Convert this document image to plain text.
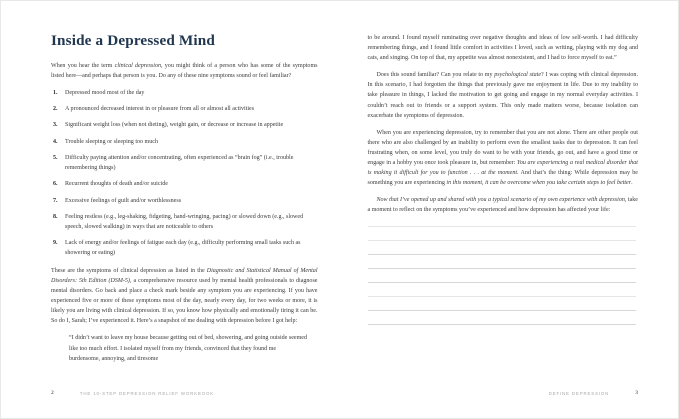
Inside a Depressed Mind

When you hear the term clinical depression, you might think of a person who has some of the symptoms listed here—and perhaps that person is you. Do any of these nine symptoms sound or feel familiar?

Depressed mood most of the day
A pronounced decreased interest in or pleasure from all or almost all activities
Significant weight loss (when not dieting), weight gain, or decrease or increase in appetite
Trouble sleeping or sleeping too much
Difficulty paying attention and/or concentrating, often experienced as “brain fog” (i.e., trouble remembering things)
Recurrent thoughts of death and/or suicide
Excessive feelings of guilt and/or worthlessness
Feeling restless (e.g., leg-shaking, fidgeting, hand-wringing, pacing) or slowed down (e.g., slowed speech, slowed walking) in ways that are noticeable to others
Lack of energy and/or feelings of fatigue each day (e.g., difficulty performing small tasks such as showering or eating)

These are the symptoms of clinical depression as listed in the Diagnostic and Statistical Manual of Mental Disorders: 5th Edition (DSM-5), a comprehensive resource used by mental health professionals to diagnose mental disorders. Go back and place a check mark beside any symptom you are experiencing. If you have experienced five or more of these symptoms most of the day, nearly every day, for two weeks or more, it is likely you are living with clinical depression. If so, you know how physically and emotionally tiring it can be. So do I, Sarah; I’ve experienced it. Here’s a snapshot of me dealing with depression before I got help:

“I didn’t want to leave my house because getting out of bed, showering, and going outside seemed like too much effort. I isolated myself from my friends, convinced that they found me burdensome, annoying, and tiresome

2	THE 10-STEP DEPRESSION RELIEF WORKBOOK

to be around. I found myself ruminating over negative thoughts and ideas of low self-worth. I had difficulty remembering things, and I found little comfort in activities I loved, such as writing, playing with my dog and cats, and singing. On top of that, my appetite was almost nonexistent, and I had to force myself to eat.”

Does this sound familiar? Can you relate to my psychological state? I was coping with clinical depression. In this scenario, I had forgotten the things that previously gave me enjoyment in life. Due to my inability to take pleasure in things, I lacked the motivation to get going and engage in my normal everyday activities. I couldn’t reach out to friends or a support system. This only made matters worse, because isolation can exacerbate the symptoms of depression.

When you are experiencing depression, try to remember that you are not alone. There are other people out there who are also challenged by an inability to perform even the smallest tasks due to depression. It can feel frustrating when, on some level, you truly do want to be with your friends, go out, and have a good time or engage in a hobby you once took pleasure in, but remember: You are experiencing a real medical disorder that is making it difficult for you to function . . . at the moment. And that’s the thing: While depression may be something you are experiencing in this moment, it can be overcome when you take certain steps to feel better.

Now that I’ve opened up and shared with you a typical scenario of my own experience with depression, take a moment to reflect on the symptoms you’ve experienced and how depression has affected your life:

DEFINE DEPRESSION	3
